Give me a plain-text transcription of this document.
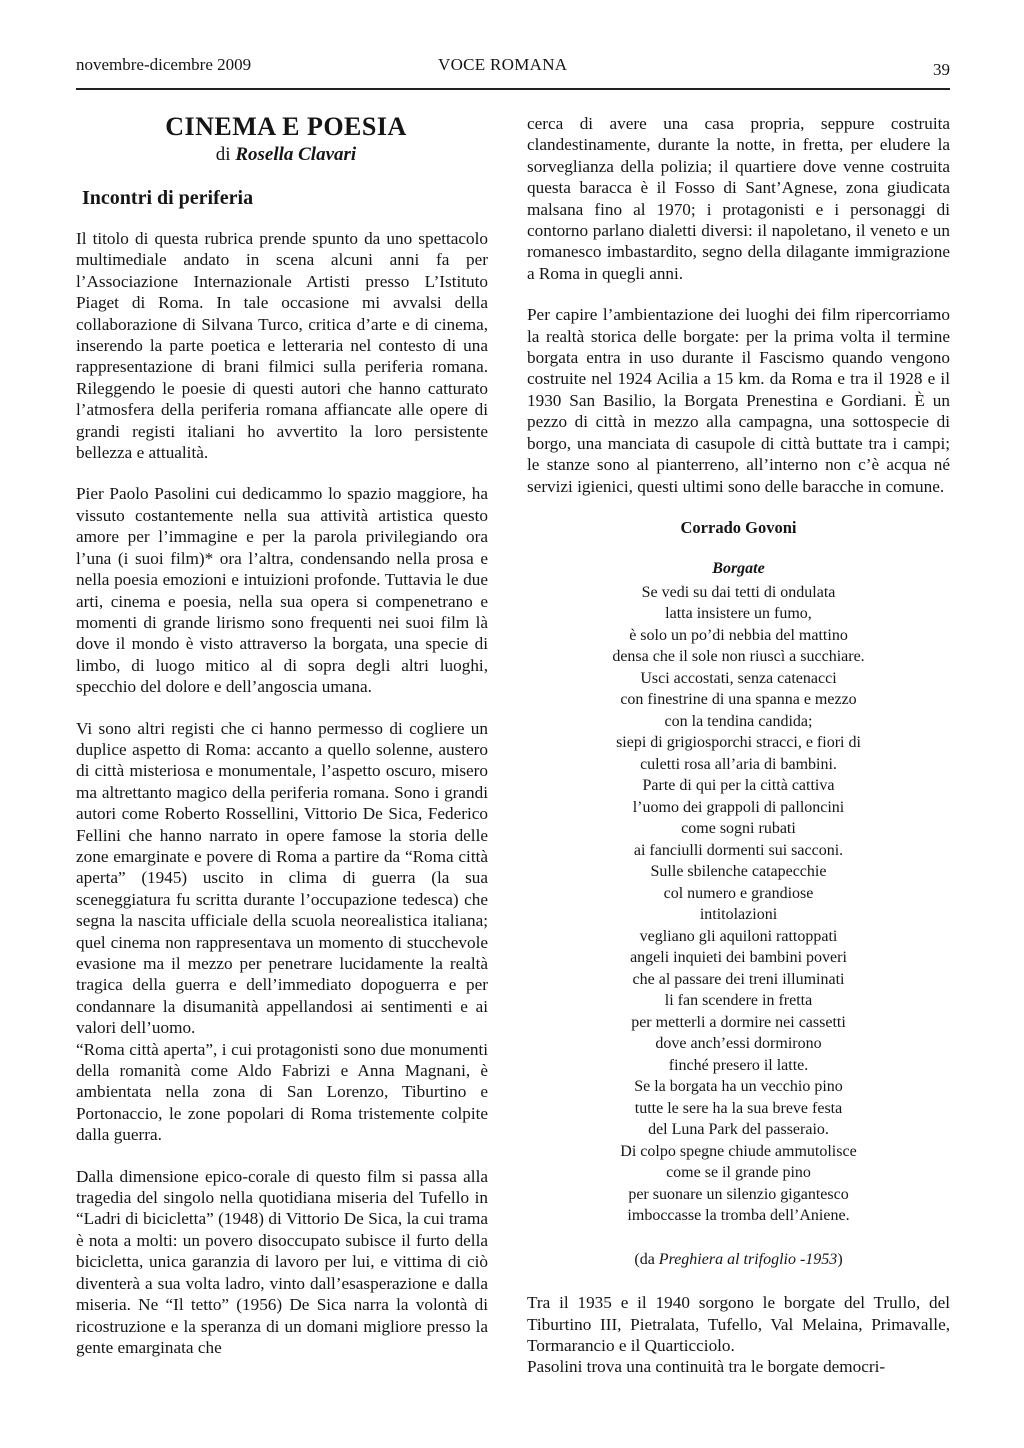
novembre-dicembre 2009	VOCE ROMANA	39
CINEMA E POESIA
di Rosella Clavari
Incontri di periferia

Il titolo di questa rubrica prende spunto da uno spettacolo multimediale andato in scena alcuni anni fa per l’Associazione Internazionale Artisti presso L’Istituto Piaget di Roma. In tale occasione mi avvalsi della collaborazione di Silvana Turco, critica d’arte e di cinema, inserendo la parte poetica e letteraria nel contesto di una rappresentazione di brani filmici sulla periferia romana. Rileggendo le poesie di questi autori che hanno catturato l’atmosfera della periferia romana affiancate alle opere di grandi registi italiani ho avvertito la loro persistente bellezza e attualità.

Pier Paolo Pasolini cui dedicammo lo spazio maggiore, ha vissuto costantemente nella sua attività artistica questo amore per l’immagine e per la parola privilegiando ora l’una (i suoi film)* ora l’altra, condensando nella prosa e nella poesia emozioni e intuizioni profonde. Tuttavia le due arti, cinema e poesia, nella sua opera si compenetrano e momenti di grande lirismo sono frequenti nei suoi film là dove il mondo è visto attraverso la borgata, una specie di limbo, di luogo mitico al di sopra degli altri luoghi, specchio del dolore e dell’angoscia umana.

Vi sono altri registi che ci hanno permesso di cogliere un duplice aspetto di Roma: accanto a quello solenne, austero di città misteriosa e monumentale, l’aspetto oscuro, misero ma altrettanto magico della periferia romana. Sono i grandi autori come Roberto Rossellini, Vittorio De Sica, Federico Fellini che hanno narrato in opere famose la storia delle zone emarginate e povere di Roma a partire da “Roma città aperta” (1945) uscito in clima di guerra (la sua sceneggiatura fu scritta durante l’occupazione tedesca) che segna la nascita ufficiale della scuola neorealistica italiana; quel cinema non rappresentava un momento di stucchevole evasione ma il mezzo per penetrare lucidamente la realtà tragica della guerra e dell’immediato dopoguerra e per condannare la disumanità appellandosi ai sentimenti e ai valori dell’uomo.

“Roma città aperta”, i cui protagonisti sono due monumenti della romanità come Aldo Fabrizi e Anna Magnani, è ambientata nella zona di San Lorenzo, Tiburtino e Portonaccio, le zone popolari di Roma tristemente colpite dalla guerra.

Dalla dimensione epico-corale di questo film si passa alla tragedia del singolo nella quotidiana miseria del Tufello in “Ladri di bicicletta” (1948) di Vittorio De Sica, la cui trama è nota a molti: un povero disoccupato subisce il furto della bicicletta, unica garanzia di lavoro per lui, e vittima di ciò diventerà a sua volta ladro, vinto dall’esasperazione e dalla miseria. Ne “Il tetto” (1956) De Sica narra la volontà di ricostruzione e la speranza di un domani migliore presso la gente emarginata che

cerca di avere una casa propria, seppure costruita clandestinamente, durante la notte, in fretta, per eludere la sorveglianza della polizia; il quartiere dove venne costruita questa baracca è il Fosso di Sant’Agnese, zona giudicata malsana fino al 1970; i protagonisti e i personaggi di contorno parlano dialetti diversi: il napoletano, il veneto e un romanesco imbastardito, segno della dilagante immigrazione a Roma in quegli anni.

Per capire l’ambientazione dei luoghi dei film ripercorriamo la realtà storica delle borgate: per la prima volta il termine borgata entra in uso durante il Fascismo quando vengono costruite nel 1924 Acilia a 15 km. da Roma e tra il 1928 e il 1930 San Basilio, la Borgata Prenestina e Gordiani. È un pezzo di città in mezzo alla campagna, una sottospecie di borgo, una manciata di casupole di città buttate tra i campi; le stanze sono al pianterreno, all’interno non c’è acqua né servizi igienici, questi ultimi sono delle baracche in comune.

Corrado Govoni
Borgate
Se vedi su dai tetti di ondulata
latta insistere un fumo,
è solo un po’di nebbia del mattino
densa che il sole non riuscì a succhiare.
Usci accostati, senza catenacci
con finestrine di una spanna e mezzo
con la tendina candida;
siepi di grigiosporchi stracci, e fiori di
culetti rosa all’aria di bambini.
Parte di qui per la città cattiva
l’uomo dei grappoli di palloncini
come sogni rubati
ai fanciulli dormenti sui sacconi.
Sulle sbilenche catapecchie
col numero e grandiose
intitolazioni
vegliano gli aquiloni rattoppati
angeli inquieti dei bambini poveri
che al passare dei treni illuminati
li fan scendere in fretta
per metterli a dormire nei cassetti
dove anch’essi dormirono
finché presero il latte.
Se la borgata ha un vecchio pino
tutte le sere ha la sua breve festa
del Luna Park del passeraio.
Di colpo spegne chiude ammutolisce
come se il grande pino
per suonare un silenzio gigantesco
imboccasse la tromba dell’Aniene.
(da Preghiera al trifoglio -1953)

Tra il 1935 e il 1940 sorgono le borgate del Trullo, del Tiburtino III, Pietralata, Tufello, Val Melaina, Primavalle, Tormarancio e il Quarticciolo.

Pasolini trova una continuità tra le borgate democri-
